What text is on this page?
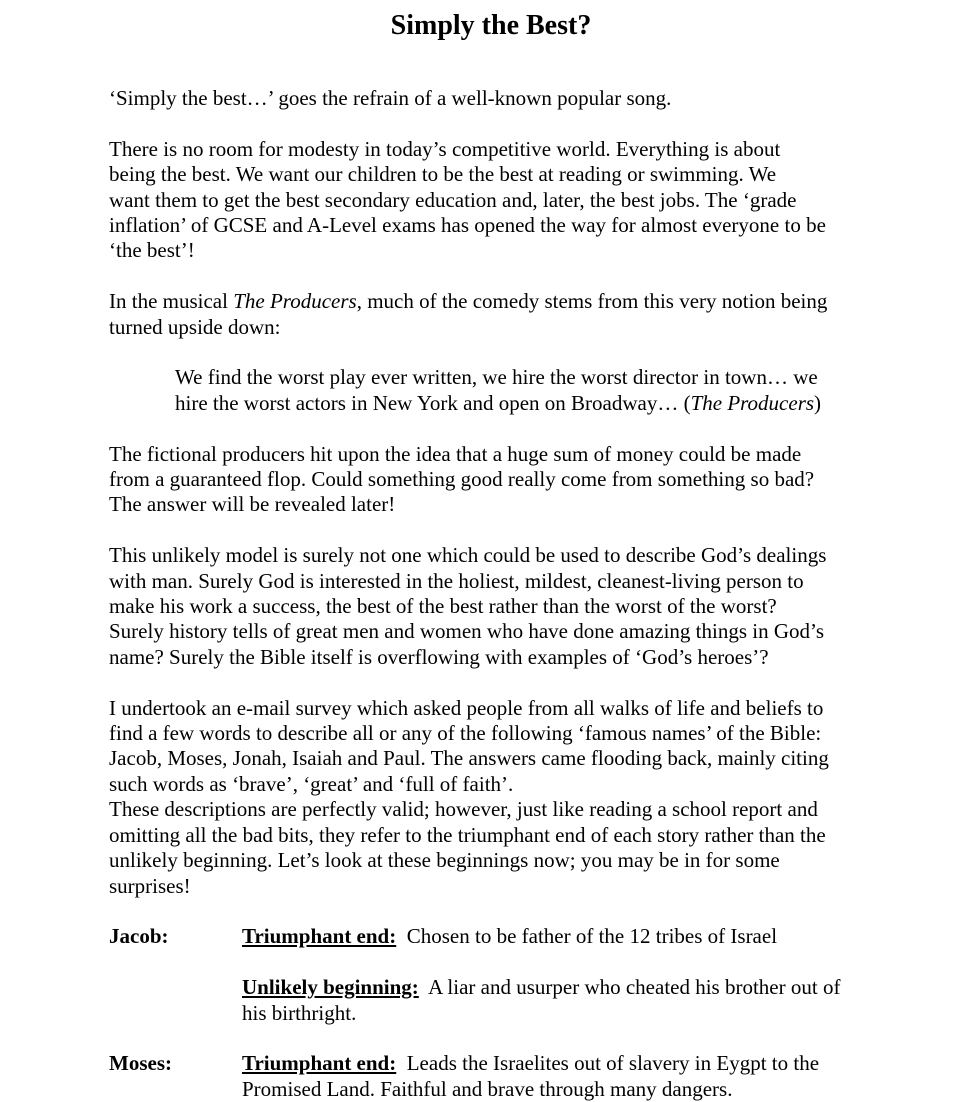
Simply the Best?

‘Simply the best…’ goes the refrain of a well-known popular song.

There is no room for modesty in today’s competitive world. Everything is about
being the best. We want our children to be the best at reading or swimming. We
want them to get the best secondary education and, later, the best jobs. The ‘grade
inflation’ of GCSE and A-Level exams has opened the way for almost everyone to be
‘the best’!
In the musical The Producers, much of the comedy stems from this very notion being
turned upside down:
We find the worst play ever written, we hire the worst director in town… we
hire the worst actors in New York and open on Broadway… (The Producers)
The fictional producers hit upon the idea that a huge sum of money could be made
from a guaranteed flop. Could something good really come from something so bad?
The answer will be revealed later!
This unlikely model is surely not one which could be used to describe God’s dealings
with man. Surely God is interested in the holiest, mildest, cleanest-living person to
make his work a success, the best of the best rather than the worst of the worst?
Surely history tells of great men and women who have done amazing things in God’s
name? Surely the Bible itself is overflowing with examples of ‘God’s heroes’?
I undertook an e-mail survey which asked people from all walks of life and beliefs to
find a few words to describe all or any of the following ‘famous names’ of the Bible:
Jacob, Moses, Jonah, Isaiah and Paul. The answers came flooding back, mainly citing
such words as ‘brave’, ‘great’ and ‘full of faith’.
These descriptions are perfectly valid; however, just like reading a school report and
omitting all the bad bits, they refer to the triumphant end of each story rather than the
unlikely beginning. Let’s look at these beginnings now; you may be in for some
surprises!
Jacob:	Triumphant end:  Chosen to be father of the 12 tribes of Israel
Unlikely beginning:  A liar and usurper who cheated his brother out of
his birthright.
Moses:	Triumphant end:  Leads the Israelites out of slavery in Eygpt to the
Promised Land. Faithful and brave through many dangers.
